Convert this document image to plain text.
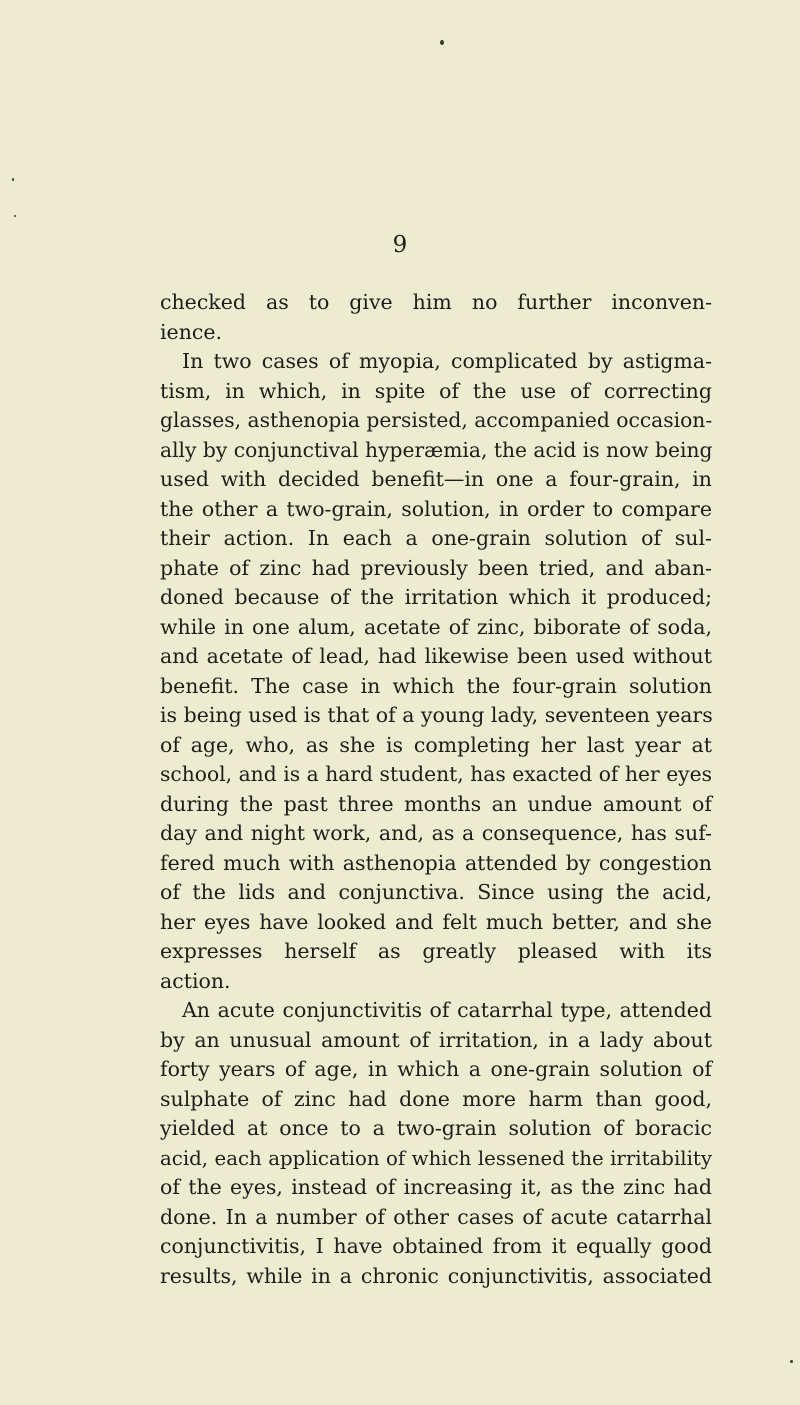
9
checked as to give him no further inconven-
ience.
In two cases of myopia, complicated by astigma-
tism, in which, in spite of the use of correcting
glasses, asthenopia persisted, accompanied occasion-
ally by conjunctival hyperæmia, the acid is now being
used with decided benefit—in one a four-grain, in
the other a two-grain, solution, in order to compare
their action. In each a one-grain solution of sul-
phate of zinc had previously been tried, and aban-
doned because of the irritation which it produced;
while in one alum, acetate of zinc, biborate of soda,
and acetate of lead, had likewise been used without
benefit. The case in which the four-grain solution
is being used is that of a young lady, seventeen years
of age, who, as she is completing her last year at
school, and is a hard student, has exacted of her eyes
during the past three months an undue amount of
day and night work, and, as a consequence, has suf-
fered much with asthenopia attended by congestion
of the lids and conjunctiva. Since using the acid,
her eyes have looked and felt much better, and she
expresses herself as greatly pleased with its
action.
An acute conjunctivitis of catarrhal type, attended
by an unusual amount of irritation, in a lady about
forty years of age, in which a one-grain solution of
sulphate of zinc had done more harm than good,
yielded at once to a two-grain solution of boracic
acid, each application of which lessened the irritability
of the eyes, instead of increasing it, as the zinc had
done. In a number of other cases of acute catarrhal
conjunctivitis, I have obtained from it equally good
results, while in a chronic conjunctivitis, associated
